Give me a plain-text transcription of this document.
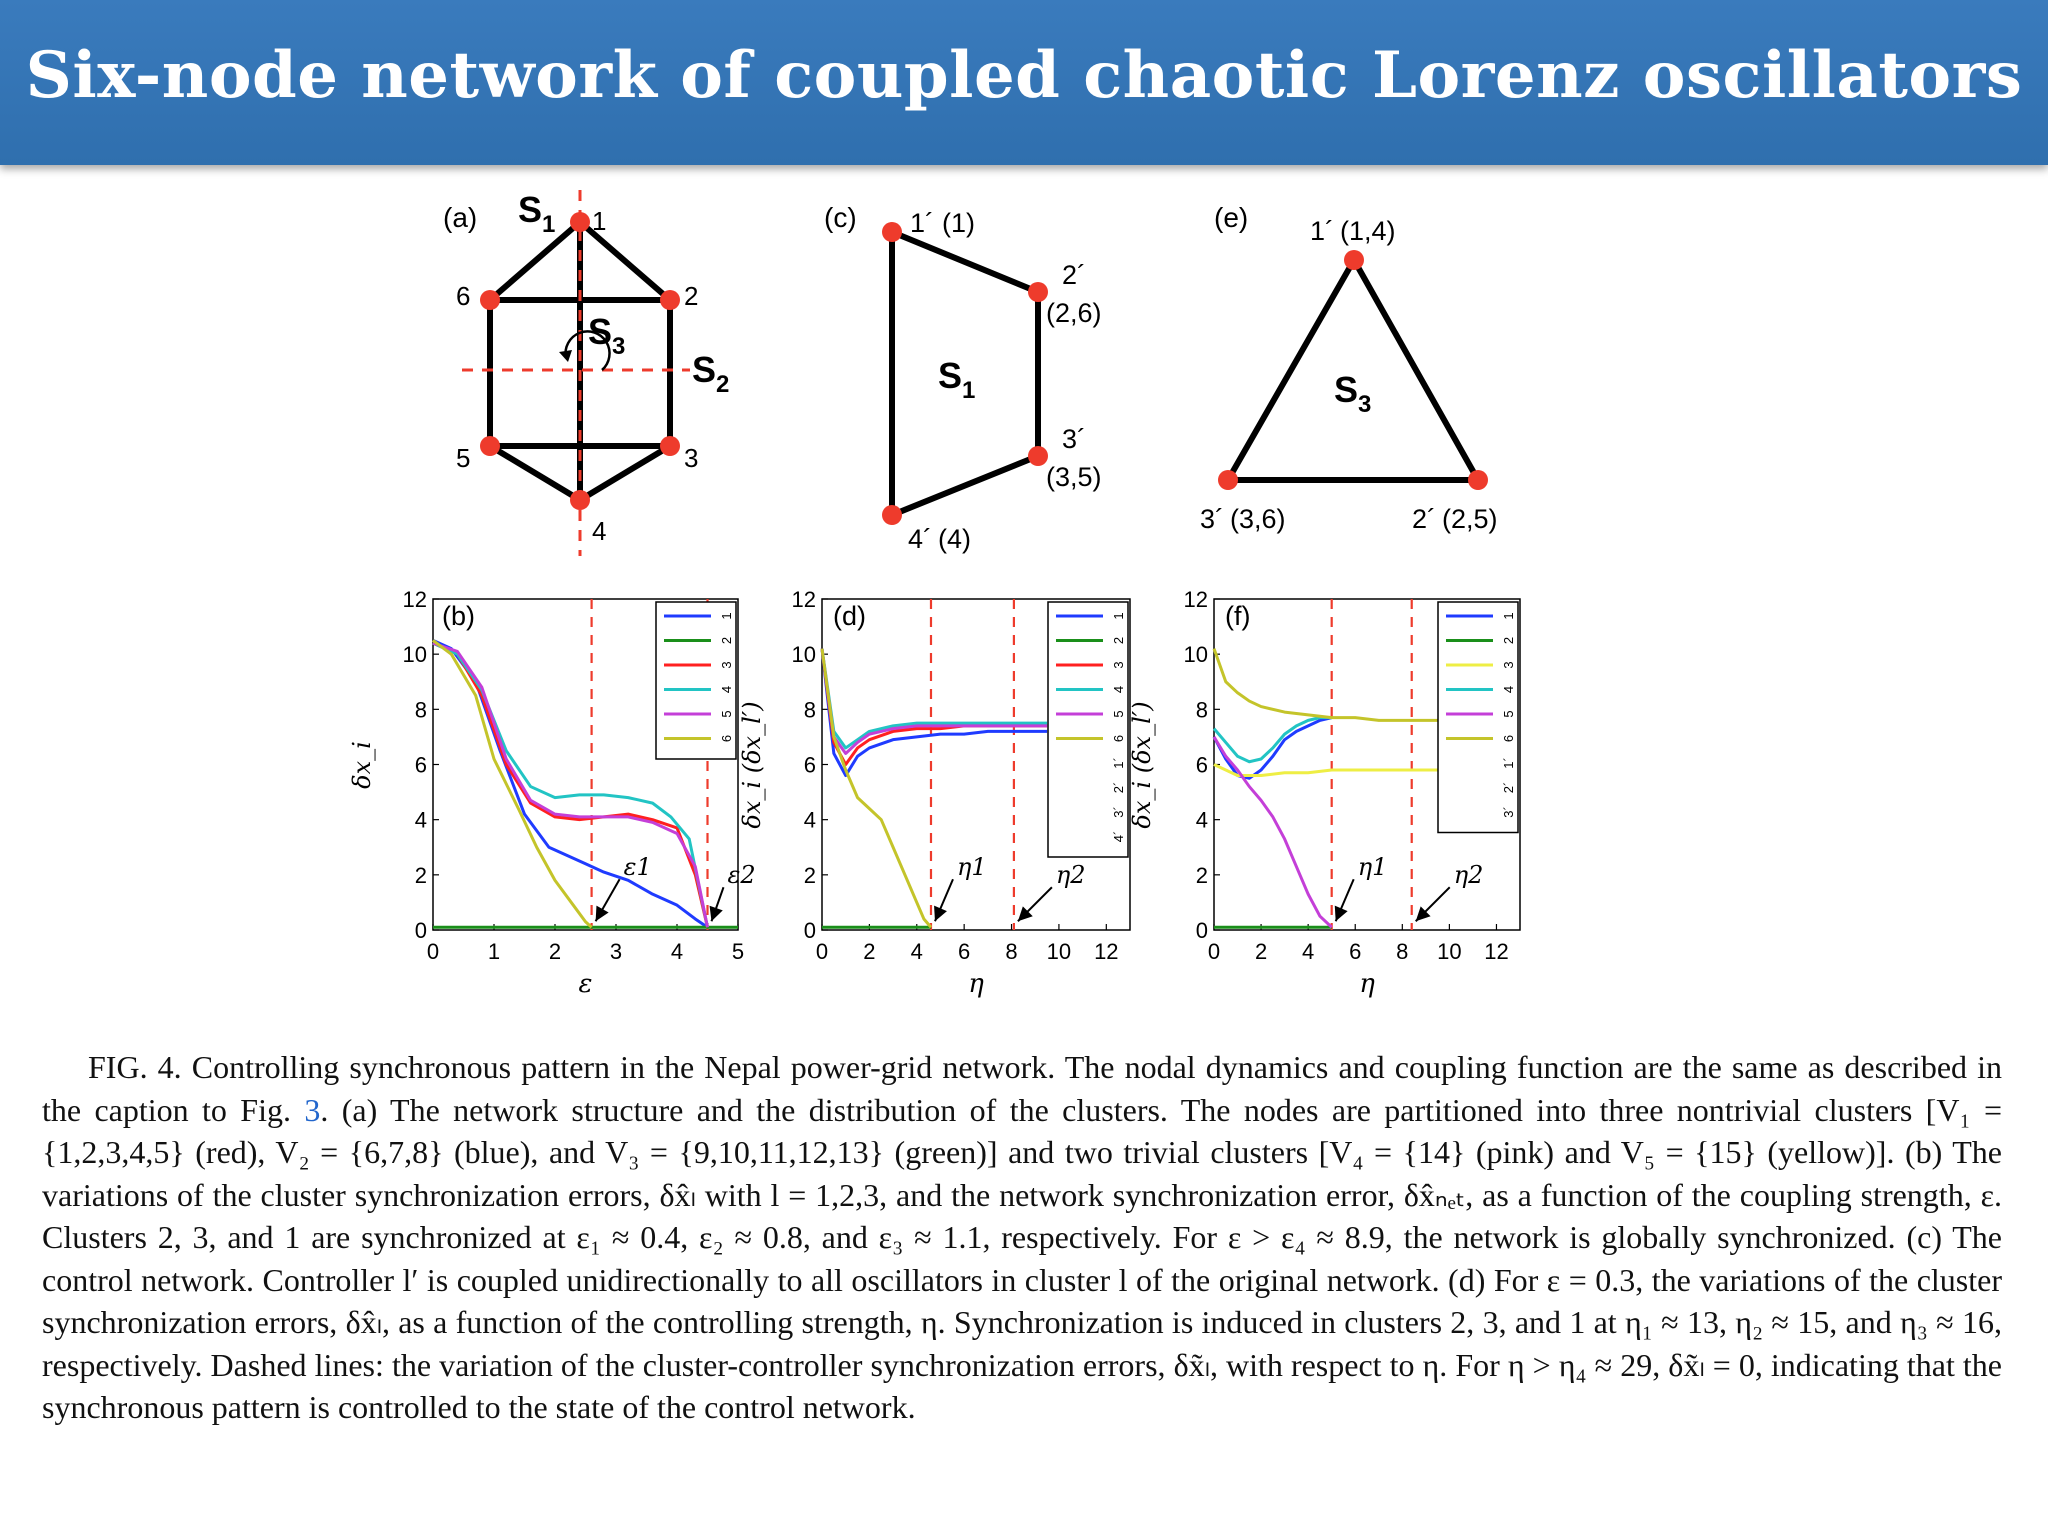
Six-node network of coupled chaotic Lorenz oscillators
(a)	1
2
3
4
5
6
$S_1$
$S_3$
$S_2$
(c) 1´ (1)
2´
(2,6)
3´
(3,5)
4´ (4)
$S_1$
(e) 1´ (1,4)
2´ (2,5)
3´ (3,6)
$S_3$
0 1 2 3 4 5
0
2
4
6
8
10
12
ε
δx_i
(b)
ε1	ε2
1
2
3
4
5
6
0 2 4 6 8 10 12
0
2
4
6
8
10
12
η
δx_i (δx_l′)
(d)
η1	η2
1
2
3
4
5
6
1´
2´
3´
4´
0 2 4 6 8 10 12
0
2
4
6
8
10
12
η
δx_i (δx_l′)
(f)
η1	η2
1
2
3
4
5
6
1´
2´
3´

FIG. 4. Controlling synchronous pattern in the Nepal power-grid network. The nodal dynamics and coupling function are the same as described in the caption to Fig. 3. (a) The network structure and the distribution of the clusters. The nodes are partitioned into three nontrivial clusters [V₁ = {1,2,3,4,5} (red), V₂ = {6,7,8} (blue), and V₃ = {9,10,11,12,13} (green)] and two trivial clusters [V₄ = {14} (pink) and V₅ = {15} (yellow)]. (b) The variations of the cluster synchronization errors, δx̂ₗ with l = 1,2,3, and the network synchronization error, δx̂ₙₑₜ, as a function of the coupling strength, ε. Clusters 2, 3, and 1 are synchronized at ε₁ ≈ 0.4, ε₂ ≈ 0.8, and ε₃ ≈ 1.1, respectively. For ε > ε₄ ≈ 8.9, the network is globally synchronized. (c) The control network. Controller l′ is coupled unidirectionally to all oscillators in cluster l of the original network. (d) For ε = 0.3, the variations of the cluster synchronization errors, δx̂ₗ, as a function of the controlling strength, η. Synchronization is induced in clusters 2, 3, and 1 at η₁ ≈ 13, η₂ ≈ 15, and η₃ ≈ 16, respectively. Dashed lines: the variation of the cluster-controller synchronization errors, δx̃ₗ, with respect to η. For η > η₄ ≈ 29, δx̃ₗ = 0, indicating that the synchronous pattern is controlled to the state of the control network.
